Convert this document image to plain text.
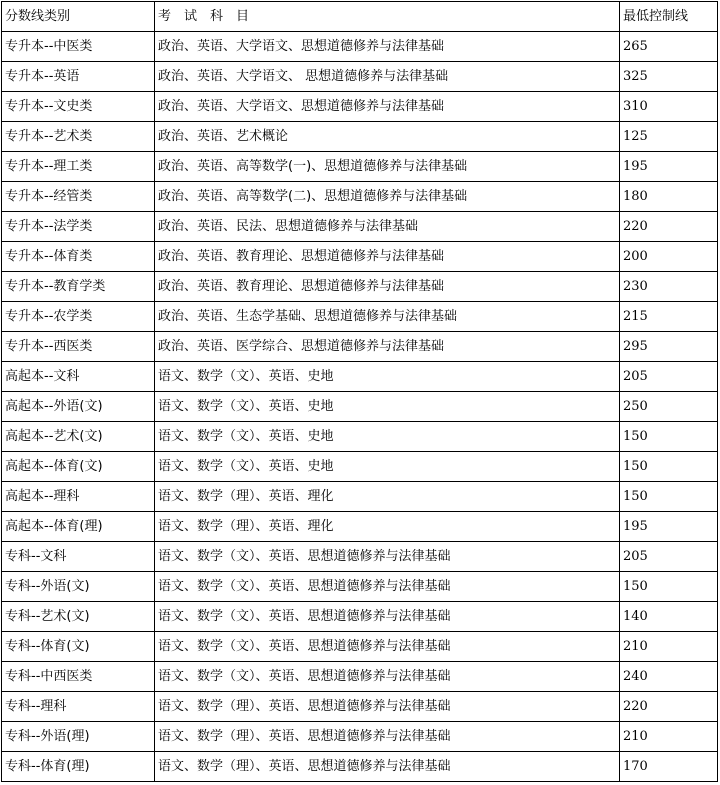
分数线类别	考　试　科　目	最低控制线
专升本--中医类	政治、英语、大学语文、思想道德修养与法律基础	265
专升本--英语	政治、英语、大学语文、 思想道德修养与法律基础	325
专升本--文史类	政治、英语、大学语文、思想道德修养与法律基础	310
专升本--艺术类	政治、英语、艺术概论	125
专升本--理工类	政治、英语、高等数学(一)、思想道德修养与法律基础	195
专升本--经管类	政治、英语、高等数学(二)、思想道德修养与法律基础	180
专升本--法学类	政治、英语、民法、思想道德修养与法律基础	220
专升本--体育类	政治、英语、教育理论、思想道德修养与法律基础	200
专升本--教育学类	政治、英语、教育理论、思想道德修养与法律基础	230
专升本--农学类	政治、英语、生态学基础、思想道德修养与法律基础	215
专升本--西医类	政治、英语、医学综合、思想道德修养与法律基础	295
高起本--文科	语文、数学（文）、英语、史地	205
高起本--外语(文)	语文、数学（文）、英语、史地	250
高起本--艺术(文)	语文、数学（文）、英语、史地	150
高起本--体育(文)	语文、数学（文）、英语、史地	150
高起本--理科	语文、数学（理）、英语、理化	150
高起本--体育(理)	语文、数学（理）、英语、理化	195
专科--文科	语文、数学（文）、英语、思想道德修养与法律基础	205
专科--外语(文)	语文、数学（文）、英语、思想道德修养与法律基础	150
专科--艺术(文)	语文、数学（文）、英语、思想道德修养与法律基础	140
专科--体育(文)	语文、数学（文）、英语、思想道德修养与法律基础	210
专科--中西医类	语文、数学（文）、英语、思想道德修养与法律基础	240
专科--理科	语文、数学（理）、英语、思想道德修养与法律基础	220
专科--外语(理)	语文、数学（理）、英语、思想道德修养与法律基础	210
专科--体育(理)	语文、数学（理）、英语、思想道德修养与法律基础	170
